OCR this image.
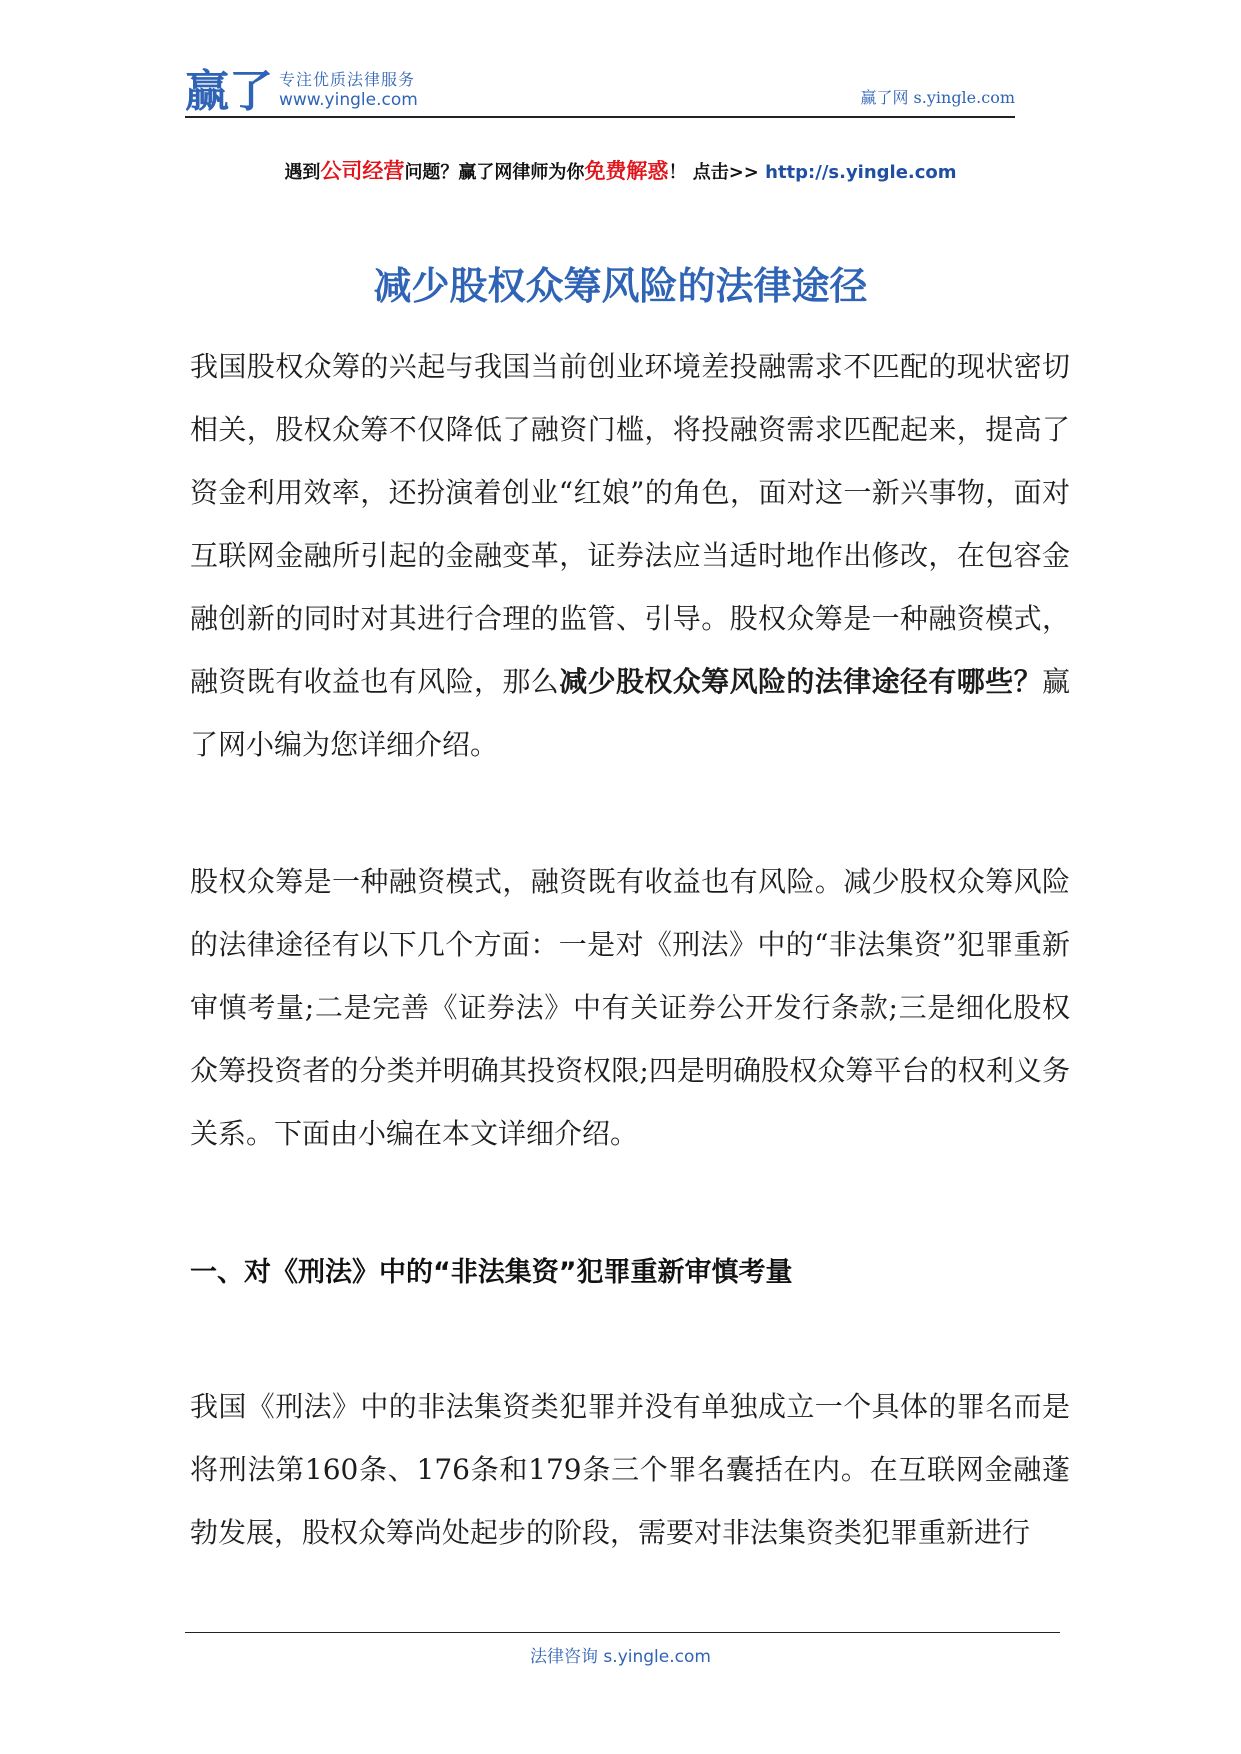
赢了 专注优质法律服务
www.yingle.com	赢了网 s.yingle.com
遇到公司经营问题？赢了网律师为你免费解惑！ 点击>> http://s.yingle.com
减少股权众筹风险的法律途径
我国股权众筹的兴起与我国当前创业环境差投融需求不匹配的现状密切相关，股权众筹不仅降低了融资门槛，将投融资需求匹配起来，提高了资金利用效率，还扮演着创业“红娘”的角色，面对这一新兴事物，面对互联网金融所引起的金融变革，证券法应当适时地作出修改，在包容金融创新的同时对其进行合理的监管、引导。股权众筹是一种融资模式，融资既有收益也有风险，那么减少股权众筹风险的法律途径有哪些？赢了网小编为您详细介绍。
股权众筹是一种融资模式，融资既有收益也有风险。减少股权众筹风险的法律途径有以下几个方面：一是对《刑法》中的“非法集资”犯罪重新审慎考量;二是完善《证券法》中有关证券公开发行条款;三是细化股权众筹投资者的分类并明确其投资权限;四是明确股权众筹平台的权利义务关系。下面由小编在本文详细介绍。
一、对《刑法》中的“非法集资”犯罪重新审慎考量
我国《刑法》中的非法集资类犯罪并没有单独成立一个具体的罪名而是将刑法第160条、176条和179条三个罪名囊括在内。在互联网金融蓬勃发展，股权众筹尚处起步的阶段，需要对非法集资类犯罪重新进行
法律咨询 s.yingle.com
